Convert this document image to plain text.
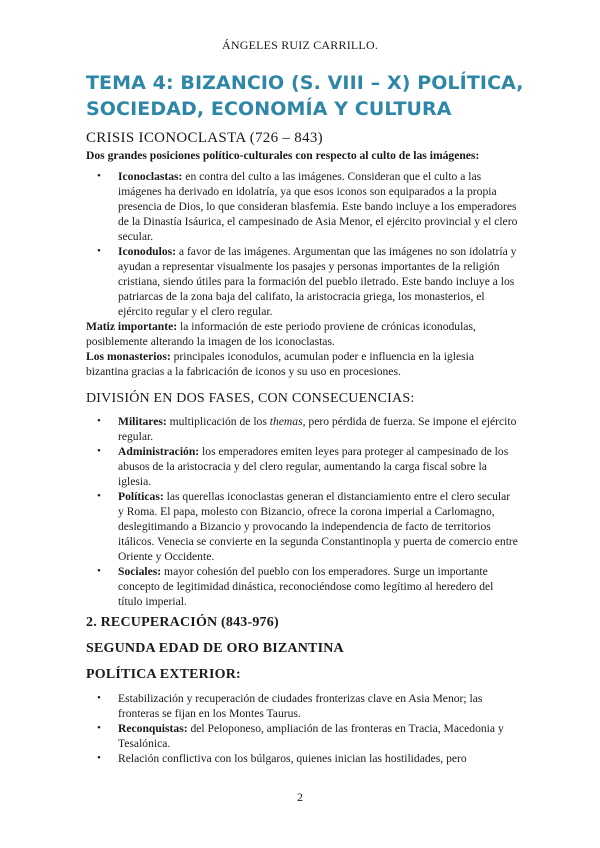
ÁNGELES RUIZ CARRILLO.
TEMA 4: BIZANCIO (S. VIII – X) POLÍTICA, SOCIEDAD, ECONOMÍA Y CULTURA
CRISIS ICONOCLASTA (726 – 843)

Dos grandes posiciones político-culturales con respecto al culto de las imágenes:

• Iconoclastas: en contra del culto a las imágenes. Consideran que el culto a las imágenes ha derivado en idolatría, ya que esos iconos son equiparados a la propia presencia de Dios, lo que consideran blasfemia. Este bando incluye a los emperadores de la Dinastía Isáurica, el campesinado de Asia Menor, el ejército provincial y el clero secular.
• Iconodulos: a favor de las imágenes. Argumentan que las imágenes no son idolatría y ayudan a representar visualmente los pasajes y personas importantes de la religión cristiana, siendo útiles para la formación del pueblo iletrado. Este bando incluye a los patriarcas de la zona baja del califato, la aristocracia griega, los monasterios, el ejército regular y el clero regular.

Matiz importante: la información de este periodo proviene de crónicas iconodulas, posiblemente alterando la imagen de los iconoclastas.

Los monasterios: principales iconodulos, acumulan poder e influencia en la iglesia bizantina gracias a la fabricación de iconos y su uso en procesiones.

DIVISIÓN EN DOS FASES, CON CONSECUENCIAS:
• Militares: multiplicación de los themas, pero pérdida de fuerza. Se impone el ejército regular.
• Administración: los emperadores emiten leyes para proteger al campesinado de los abusos de la aristocracia y del clero regular, aumentando la carga fiscal sobre la iglesia.
• Políticas: las querellas iconoclastas generan el distanciamiento entre el clero secular y Roma. El papa, molesto con Bizancio, ofrece la corona imperial a Carlomagno, deslegitimando a Bizancio y provocando la independencia de facto de territorios itálicos. Venecia se convierte en la segunda Constantinopla y puerta de comercio entre Oriente y Occidente.
• Sociales: mayor cohesión del pueblo con los emperadores. Surge un importante concepto de legitimidad dinástica, reconociéndose como legítimo al heredero del título imperial.
2. RECUPERACIÓN (843-976)
SEGUNDA EDAD DE ORO BIZANTINA
POLÍTICA EXTERIOR:
• Estabilización y recuperación de ciudades fronterizas clave en Asia Menor; las fronteras se fijan en los Montes Taurus.
• Reconquistas: del Peloponeso, ampliación de las fronteras en Tracia, Macedonia y Tesalónica.
• Relación conflictiva con los búlgaros, quienes inician las hostilidades, pero
2
